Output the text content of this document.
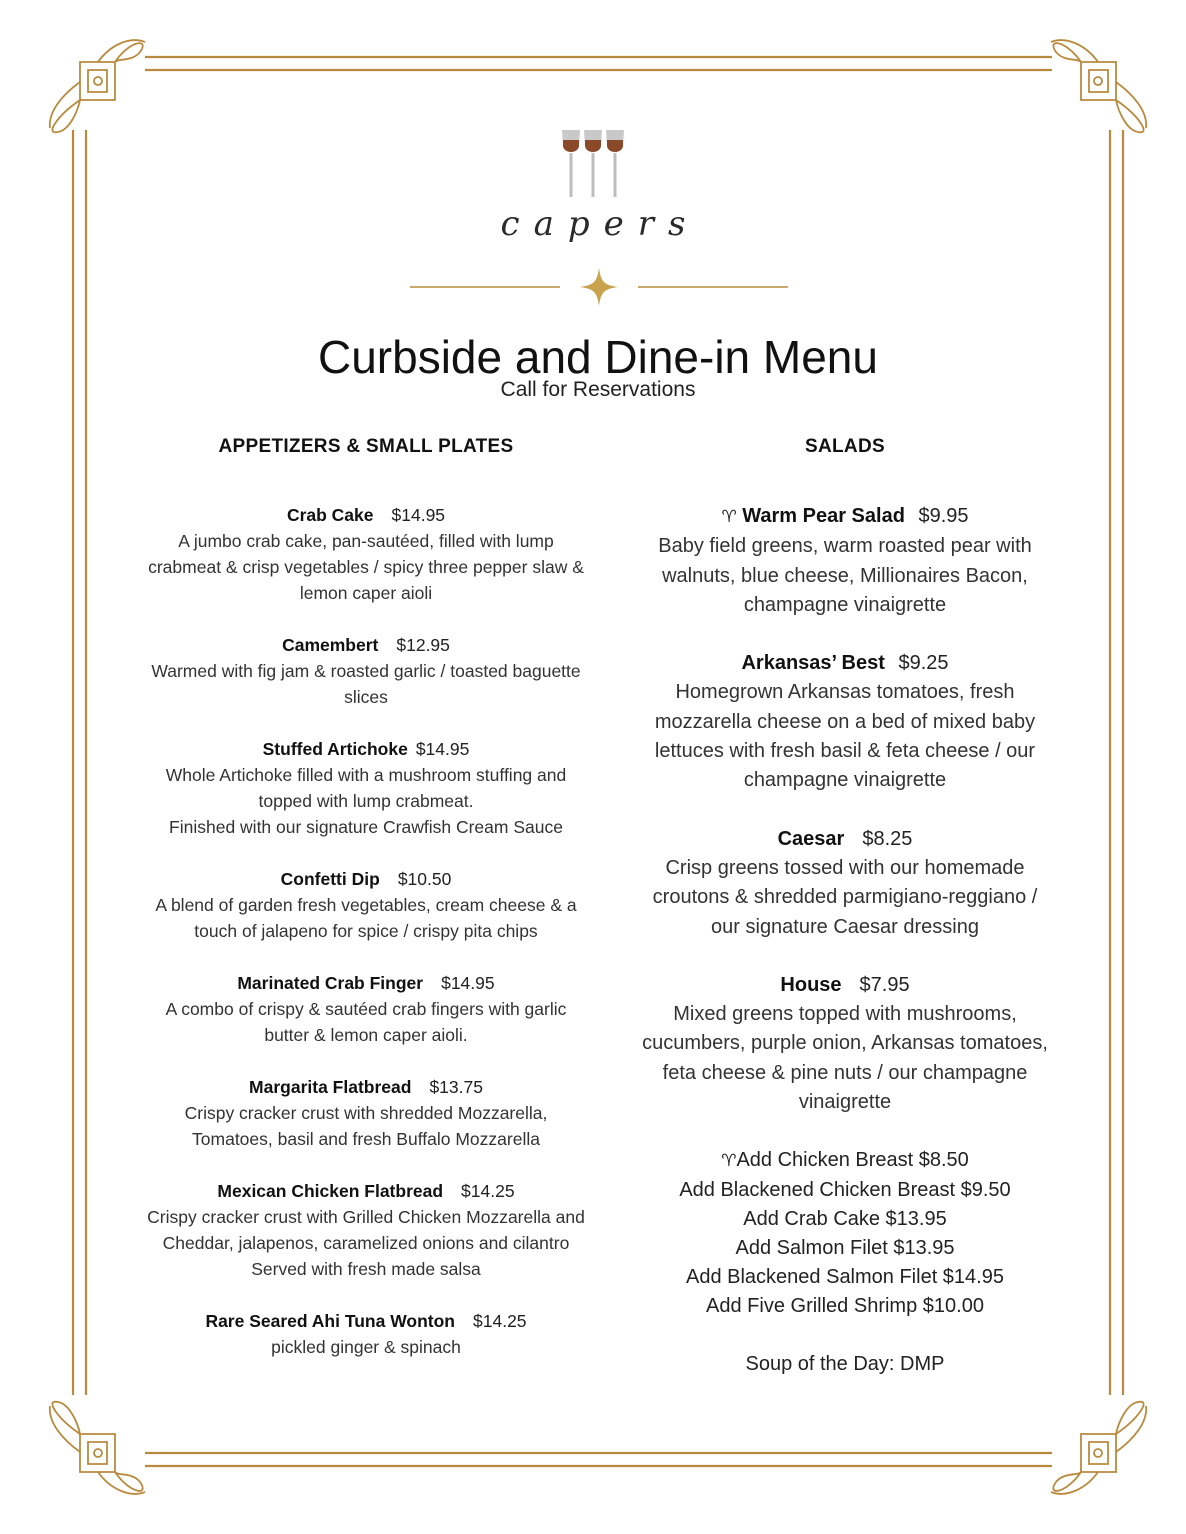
capers
Curbside and Dine-in Menu
Call for Reservations
APPETIZERS & SMALL PLATES
Crab Cake $14.95
A jumbo crab cake, pan-sautéed, filled with lump crabmeat & crisp vegetables / spicy three pepper slaw & lemon caper aioli
Camembert $12.95
Warmed with fig jam & roasted garlic / toasted baguette slices
Stuffed Artichoke $14.95
Whole Artichoke filled with a mushroom stuffing and topped with lump crabmeat.
Finished with our signature Crawfish Cream Sauce
Confetti Dip $10.50
A blend of garden fresh vegetables, cream cheese & a touch of jalapeno for spice / crispy pita chips
Marinated Crab Finger $14.95
A combo of crispy & sautéed crab fingers with garlic butter & lemon caper aioli.
Margarita Flatbread $13.75
Crispy cracker crust with shredded Mozzarella, Tomatoes, basil and fresh Buffalo Mozzarella
Mexican Chicken Flatbread $14.25
Crispy cracker crust with Grilled Chicken Mozzarella and Cheddar, jalapenos, caramelized onions and cilantro
Served with fresh made salsa
Rare Seared Ahi Tuna Wonton $14.25
pickled ginger & spinach
SALADS
♈ Warm Pear Salad $9.95
Baby field greens, warm roasted pear with walnuts, blue cheese, Millionaires Bacon, champagne vinaigrette
Arkansas’ Best $9.25
Homegrown Arkansas tomatoes, fresh mozzarella cheese on a bed of mixed baby lettuces with fresh basil & feta cheese / our champagne vinaigrette
Caesar $8.25
Crisp greens tossed with our homemade croutons & shredded parmigiano-reggiano / our signature Caesar dressing
House $7.95
Mixed greens topped with mushrooms, cucumbers, purple onion, Arkansas tomatoes, feta cheese & pine nuts / our champagne vinaigrette
♈Add Chicken Breast $8.50
Add Blackened Chicken Breast $9.50
Add Crab Cake $13.95
Add Salmon Filet $13.95
Add Blackened Salmon Filet $14.95
Add Five Grilled Shrimp $10.00
Soup of the Day: DMP
